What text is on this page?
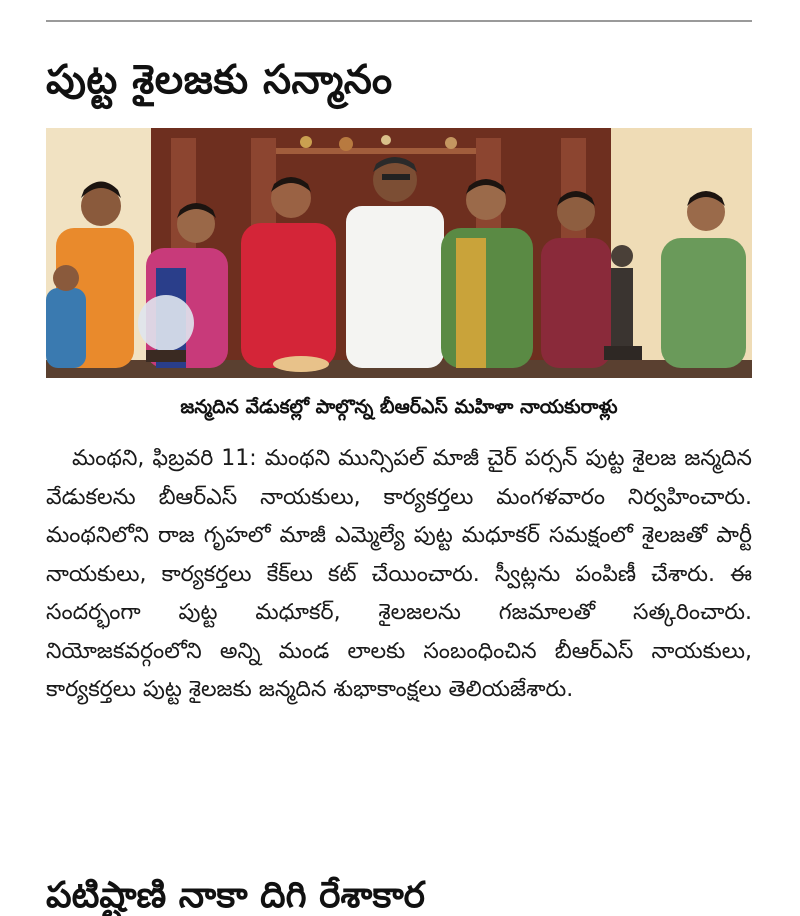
పుట్ట శైలజకు సన్మానం
జన్మదిన వేడుకల్లో పాల్గొన్న బీఆర్ఎస్ మహిళా నాయకురాళ్లు

మంథని, ఫిబ్రవరి 11: మంథని మున్సిపల్ మాజీ చైర్ పర్సన్ పుట్ట శైలజ జన్మదిన వేడుకలను బీఆర్ఎస్ నాయకులు, కార్యకర్తలు మంగళవారం నిర్వహించారు. మంథనిలోని రాజ గృహలో మాజీ ఎమ్మెల్యే పుట్ట మధూకర్ సమక్షంలో శైలజతో పార్టీ నాయకులు, కార్యకర్తలు కేక్‌లు కట్ చేయించారు. స్వీట్లను పంపిణీ చేశారు. ఈ సందర్భంగా పుట్ట మధూకర్, శైలజలను గజమాలతో సత్కరించారు. నియోజకవర్గంలోని అన్ని మండ లాలకు సంబంధించిన బీఆర్ఎస్ నాయకులు, కార్యకర్తలు పుట్ట శైలజకు జన్మదిన శుభాకాంక్షలు తెలియజేశారు.

పటిష్టాణి నాకా దిగి రేశాకార
